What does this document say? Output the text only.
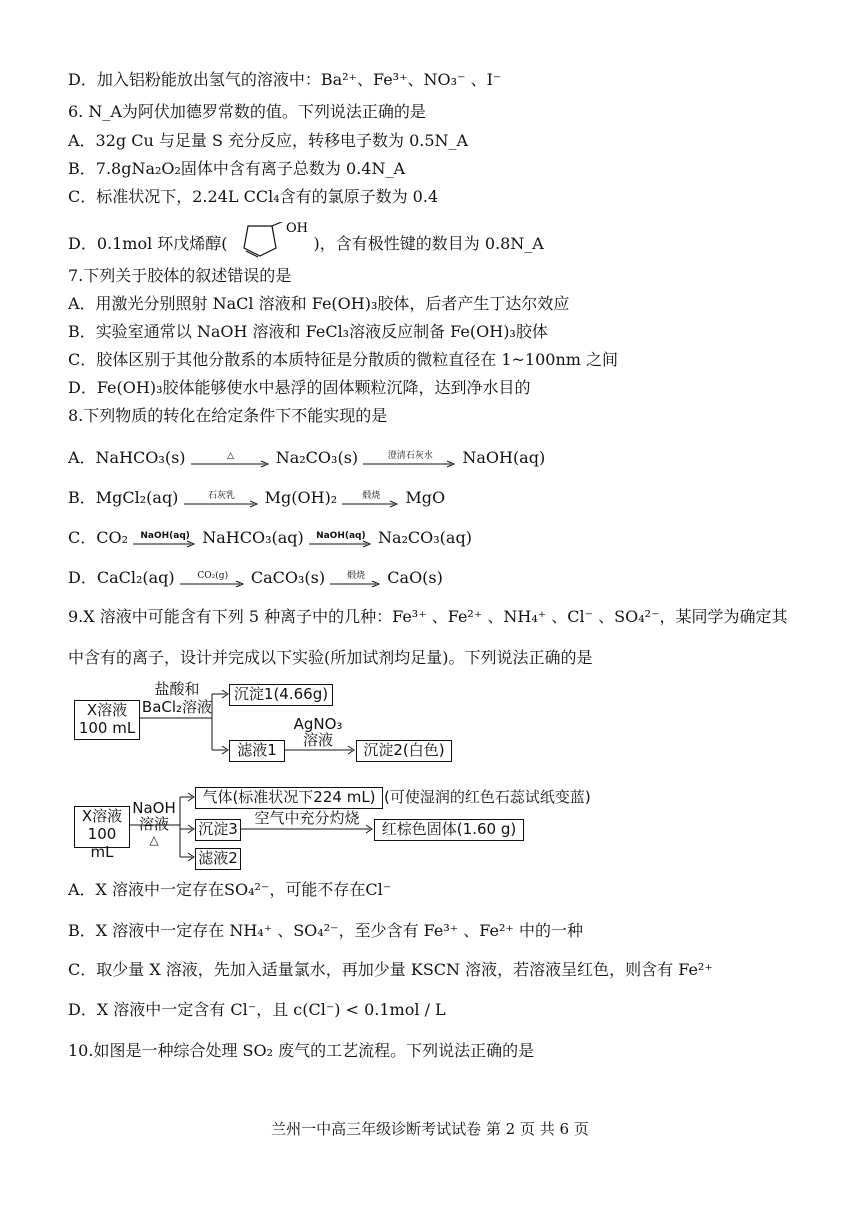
D．加入铝粉能放出氢气的溶液中：Ba²⁺、Fe³⁺、NO₃⁻ 、I⁻
6. N_A为阿伏加德罗常数的值。下列说法正确的是
A．32g Cu 与足量 S 充分反应，转移电子数为 0.5N_A
B．7.8gNa₂O₂固体中含有离子总数为 0.4N_A
C．标准状况下，2.24L CCl₄含有的氯原子数为 0.4
D．0.1mol 环戊烯醇(
OH
)，含有极性键的数目为 0.8N_A
7.下列关于胶体的叙述错误的是
A．用激光分别照射 NaCl 溶液和 Fe(OH)₃胶体，后者产生丁达尔效应
B．实验室通常以 NaOH 溶液和 FeCl₃溶液反应制备 Fe(OH)₃胶体
C．胶体区别于其他分散系的本质特征是分散质的微粒直径在 1~100nm 之间
D．Fe(OH)₃胶体能够使水中悬浮的固体颗粒沉降，达到净水目的
8.下列物质的转化在给定条件下不能实现的是
A．NaHCO₃(s)	△	Na₂CO₃(s)	澄清石灰水	NaOH(aq)
B．MgCl₂(aq)	石灰乳	Mg(OH)₂	煅烧	MgO
C．CO₂	NaOH(aq) NaHCO₃(aq)	NaOH(aq) Na₂CO₃(aq)
D．CaCl₂(aq)	CO₂(g)	CaCO₃(s)	煅烧	CaO(s)
9.X 溶液中可能含有下列 5 种离子中的几种：Fe³⁺ 、Fe²⁺ 、NH₄⁺ 、Cl⁻ 、SO₄²⁻，某同学为确定其
中含有的离子，设计并完成以下实验(所加试剂均足量)。下列说法正确的是
X溶液
100 mL
盐酸和
BaCl₂溶液
沉淀1(4.66g)
滤液1
AgNO₃
溶液
沉淀2(白色)
X溶液
100 mL
NaOH
溶液
△
气体(标准状况下224 mL) (可使湿润的红色石蕊试纸变蓝)
沉淀3
空气中充分灼烧
红棕色固体(1.60 g)
滤液2
A．X 溶液中一定存在SO₄²⁻，可能不存在Cl⁻
B．X 溶液中一定存在 NH₄⁺ 、SO₄²⁻，至少含有 Fe³⁺ 、Fe²⁺ 中的一种
C．取少量 X 溶液，先加入适量氯水，再加少量 KSCN 溶液，若溶液呈红色，则含有 Fe²⁺
D．X 溶液中一定含有 Cl⁻，且 c(Cl⁻) < 0.1mol / L
10.如图是一种综合处理 SO₂ 废气的工艺流程。下列说法正确的是
兰州一中高三年级诊断考试试卷 第 2 页 共 6 页
